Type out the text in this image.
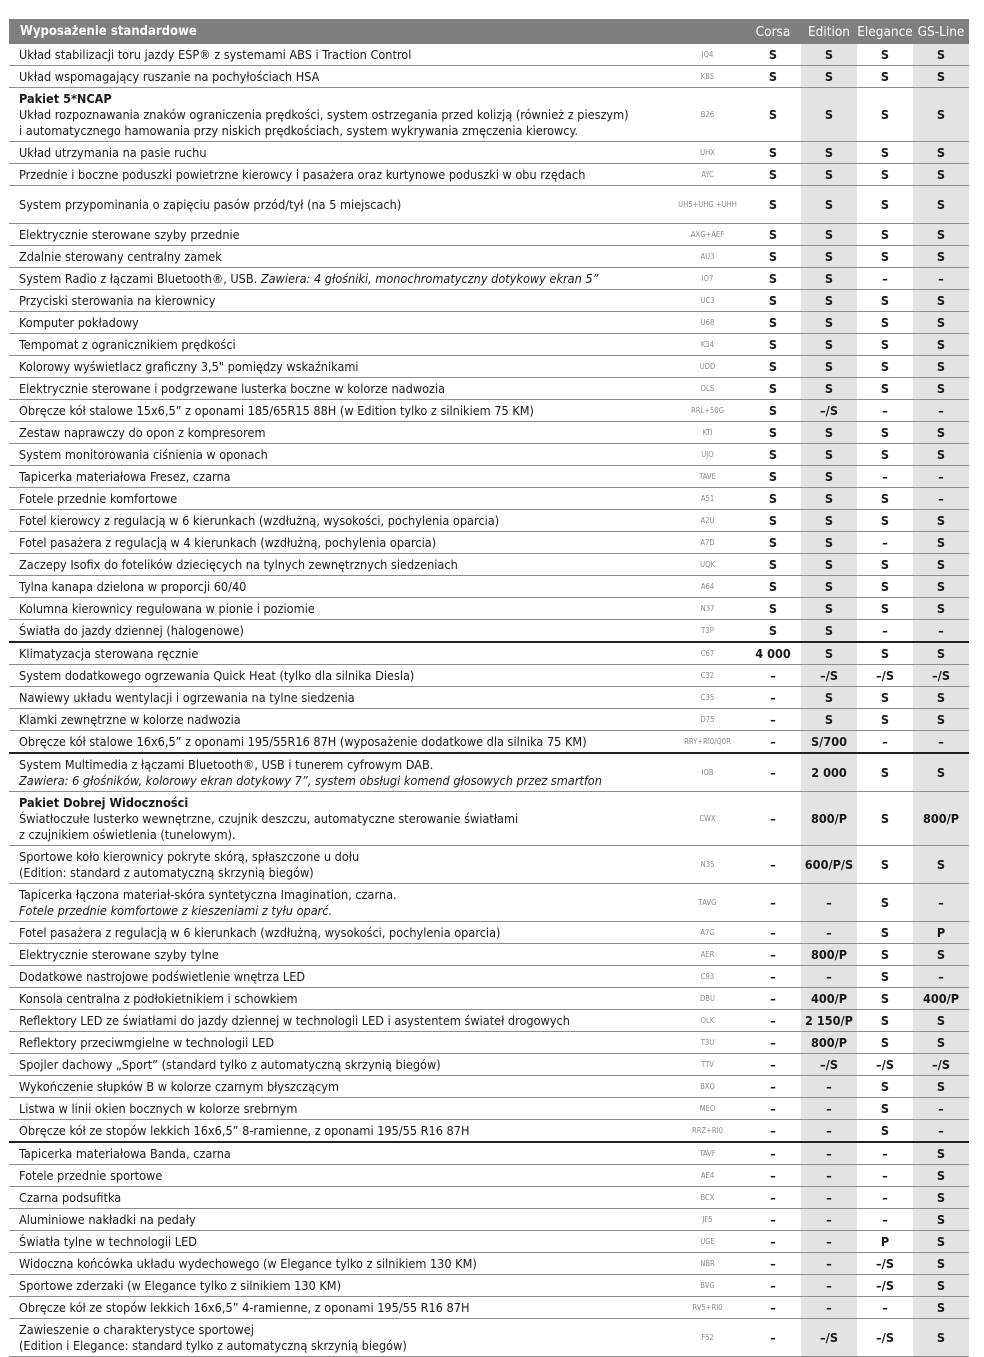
Wyposażenie standardowe		Corsa	Edition	Elegance	GS-Line
Układ stabilizacji toru jazdy ESP® z systemami ABS i Traction Control	JQ4	S	S	S	S
Układ wspomagający ruszanie na pochyłościach HSA	KB5	S	S	S	S

Pakiet 5*NCAP
Układ rozpoznawania znaków ograniczenia prędkości, system ostrzegania przed kolizją (również z pieszym)
i automatycznego hamowania przy niskich prędkościach, system wykrywania zmęczenia kierowcy.	B26	S	S	S	S
Układ utrzymania na pasie ruchu	UHX	S	S	S	S
Przednie i boczne poduszki powietrzne kierowcy i pasażera oraz kurtynowe poduszki w obu rzędach	AYC	S	S	S	S
System przypominania o zapięciu pasów przód/tył (na 5 miejscach)	UH5+UHG +UHH	S	S	S	S
Elektrycznie sterowane szyby przednie	AXG+AEF	S	S	S	S
Zdalnie sterowany centralny zamek	AU3	S	S	S	S
System Radio z łączami Bluetooth®, USB. Zawiera: 4 głośniki, monochromatyczny dotykowy ekran 5”	IO7	S	S	–	–
Przyciski sterowania na kierownicy	UC3	S	S	S	S
Komputer pokładowy	U68	S	S	S	S
Tempomat z ogranicznikiem prędkości	K34	S	S	S	S
Kolorowy wyświetlacz graficzny 3,5" pomiędzy wskaźnikami	UDD	S	S	S	S
Elektrycznie sterowane i podgrzewane lusterka boczne w kolorze nadwozia	DLS	S	S	S	S
Obręcze kół stalowe 15x6,5” z oponami 185/65R15 88H (w Edition tylko z silnikiem 75 KM)	RRL+50G	S	–/S	–	–
Zestaw naprawczy do opon z kompresorem	KTI	S	S	S	S
System monitorowania ciśnienia w oponach	UJO	S	S	S	S
Tapicerka materiałowa Fresez, czarna	TAVE	S	S	–	–
Fotele przednie komfortowe	A51	S	S	S	–
Fotel kierowcy z regulacją w 6 kierunkach (wzdłużną, wysokości, pochylenia oparcia)	A2U	S	S	S	S
Fotel pasażera z regulacją w 4 kierunkach (wzdłużną, pochylenia oparcia)	A7D	S	S	–	S
Zaczepy Isofix do fotelików dziecięcych na tylnych zewnętrznych siedzeniach	UQK	S	S	S	S
Tylna kanapa dzielona w proporcji 60/40	A64	S	S	S	S
Kolumna kierownicy regulowana w pionie i poziomie	N37	S	S	S	S
Światła do jazdy dziennej (halogenowe)	T3P	S	S	–	–
Klimatyzacja sterowana ręcznie	C67	4 000	S	S	S
System dodatkowego ogrzewania Quick Heat (tylko dla silnika Diesla)	C32	–	–/S	–/S	–/S
Nawiewy układu wentylacji i ogrzewania na tylne siedzenia	C35	–	S	S	S
Klamki zewnętrzne w kolorze nadwozia	D75	–	S	S	S
Obręcze kół stalowe 16x6,5” z oponami 195/55R16 87H (wyposażenie dodatkowe dla silnika 75 KM)	RRY+RI0/Q0R	–	S/700	–	–

System Multimedia z łączami Bluetooth®, USB i tunerem cyfrowym DAB.
Zawiera: 6 głośników, kolorowy ekran dotykowy 7”, system obsługi komend głosowych przez smartfon	IOB	–	2 000	S	S

Pakiet Dobrej Widoczności
Światłoczułe lusterko wewnętrzne, czujnik deszczu, automatyczne sterowanie światłami
z czujnikiem oświetlenia (tunelowym).	CWX	–	800/P	S	800/P

Sportowe koło kierownicy pokryte skórą, spłaszczone u dołu
(Edition: standard z automatyczną skrzynią biegów)	N35	–	600/P/S	S	S

Tapicerka łączona materiał-skóra syntetyczna Imagination, czarna.
Fotele przednie komfortowe z kieszeniami z tyłu oparć.	TAVG	–	–	S	–
Fotel pasażera z regulacją w 6 kierunkach (wzdłużną, wysokości, pochylenia oparcia)	A7G	–	–	S	P
Elektrycznie sterowane szyby tylne	AER	–	800/P	S	S
Dodatkowe nastrojowe podświetlenie wnętrza LED	C93	–	–	S	–
Konsola centralna z podłokietnikiem i schowkiem	DBU	–	400/P	S	400/P
Reflektory LED ze światłami do jazdy dziennej w technologii LED i asystentem świateł drogowych	OLK	–	2 150/P	S	S
Reflektory przeciwmgielne w technologii LED	T3U	–	800/P	S	S
Spojler dachowy „Sport” (standard tylko z automatyczną skrzynią biegów)	TTV	–	–/S	–/S	–/S
Wykończenie słupków B w kolorze czarnym błyszczącym	BXQ	–	–	S	S
Listwa w linii okien bocznych w kolorze srebrnym	MEO	–	–	S	–
Obręcze kół ze stopów lekkich 16x6,5” 8-ramienne, z oponami 195/55 R16 87H	RRZ+RI0	–	–	S	–
Tapicerka materiałowa Banda, czarna	TAVF	–	–	–	S
Fotele przednie sportowe	AE4	–	–	–	S
Czarna podsufitka	BCX	–	–	–	S
Aluminiowe nakładki na pedały	JF5	–	–	–	S
Światła tylne w technologii LED	UGE	–	–	P	S
Widoczna końcówka układu wydechowego (w Elegance tylko z silnikiem 130 KM)	NBR	–	–	–/S	S
Sportowe zderzaki (w Elegance tylko z silnikiem 130 KM)	BVG	–	–	–/S	S
Obręcze kół ze stopów lekkich 16x6,5” 4-ramienne, z oponami 195/55 R16 87H	RV5+RI0	–	–	–	S

Zawieszenie o charakterystyce sportowej
(Edition i Elegance: standard tylko z automatyczną skrzynią biegów)	F52	–	–/S	–/S	S
